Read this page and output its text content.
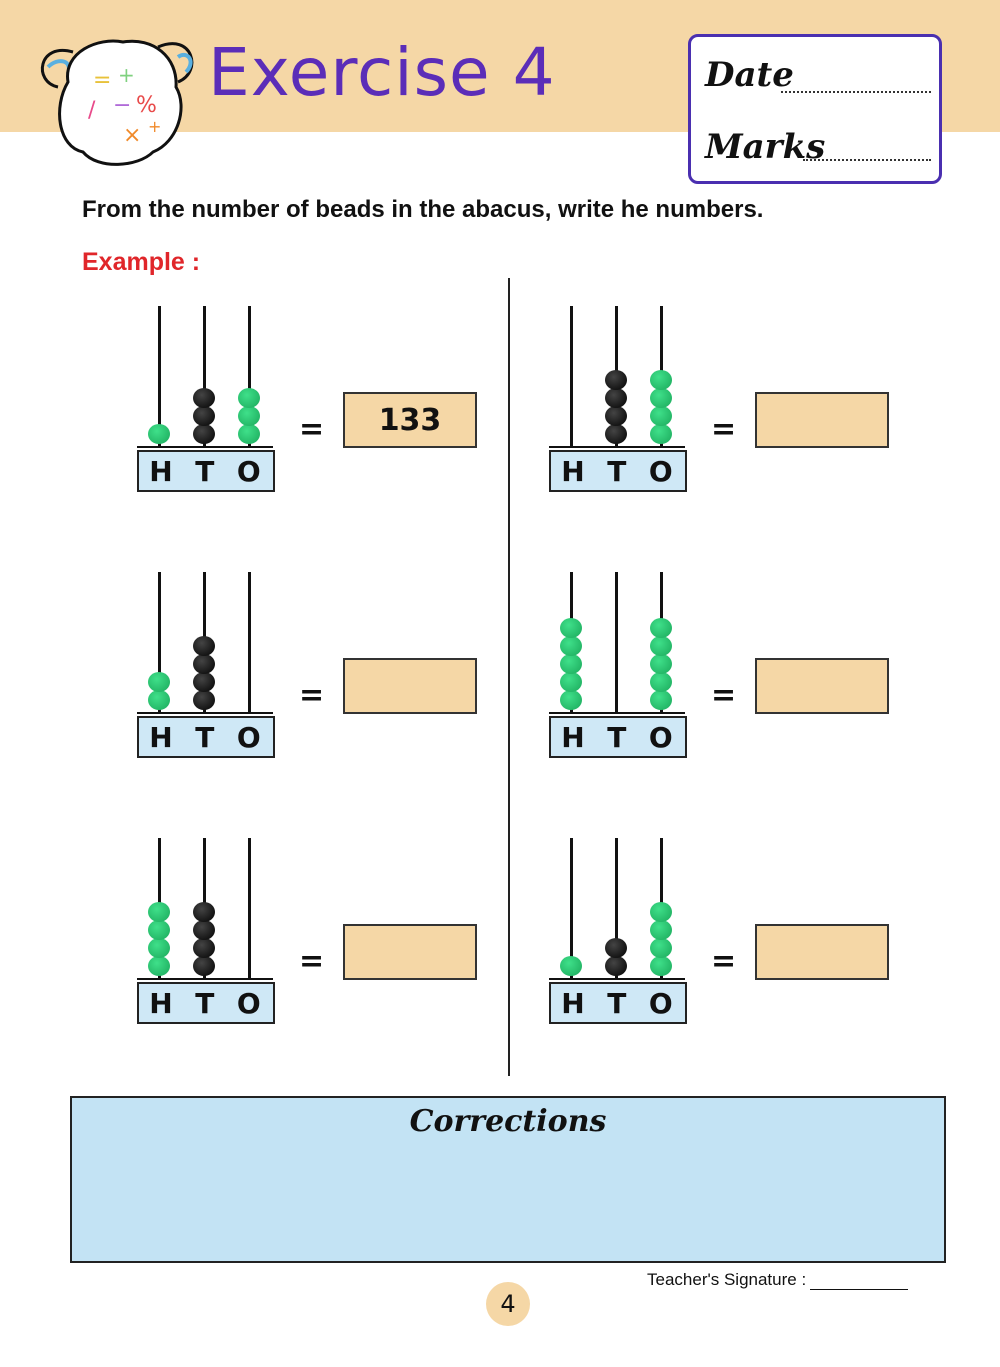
= +
/ − %
× +
Exercise 4	Date
Marks
From the number of beads in the abacus, write he numbers.
Example :
H T O
=	133
H T O
=
H T O
=
H T O
=
H T O
=
H T O
=
Corrections
Teacher's Signature :
4
